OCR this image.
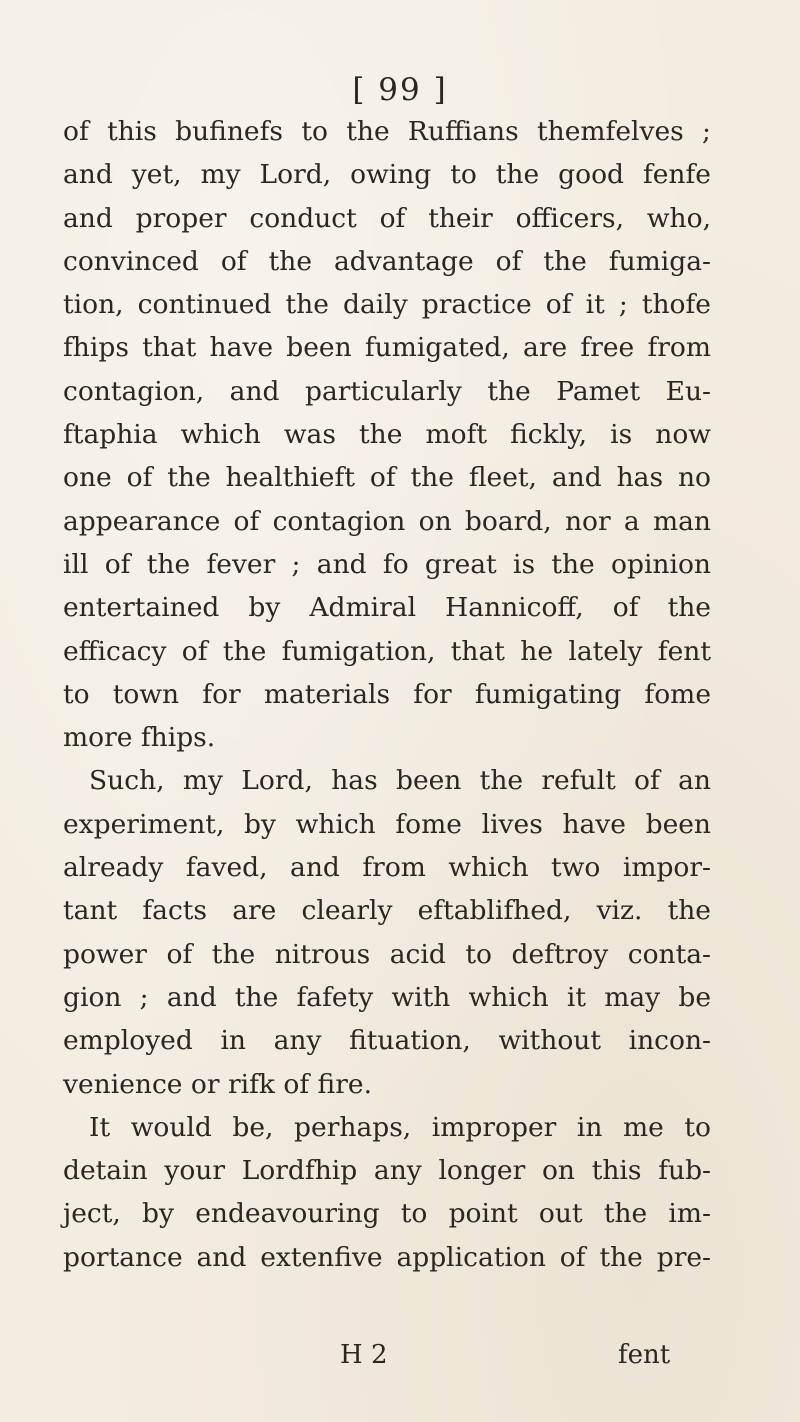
[ 99 ]
of this bufinefs to the Ruffians themfelves ;
and yet, my Lord, owing to the good fenfe
and proper conduct of their officers, who,
convinced of the advantage of the fumiga-
tion, continued the daily practice of it ; thofe
fhips that have been fumigated, are free from
contagion, and particularly the Pamet Eu-
ftaphia which was the moft fickly, is now
one of the healthieft of the fleet, and has no
appearance of contagion on board, nor a man
ill of the fever ; and fo great is the opinion
entertained by Admiral Hannicoff, of the
efficacy of the fumigation, that he lately fent
to town for materials for fumigating fome
more fhips.
Such, my Lord, has been the refult of an
experiment, by which fome lives have been
already faved, and from which two impor-
tant facts are clearly eftablifhed, viz. the
power of the nitrous acid to deftroy conta-
gion ; and the fafety with which it may be
employed in any fituation, without incon-
venience or rifk of fire.
It would be, perhaps, improper in me to
detain your Lordfhip any longer on this fub-
ject, by endeavouring to point out the im-
portance and extenfive application of the pre-
H 2	fent
